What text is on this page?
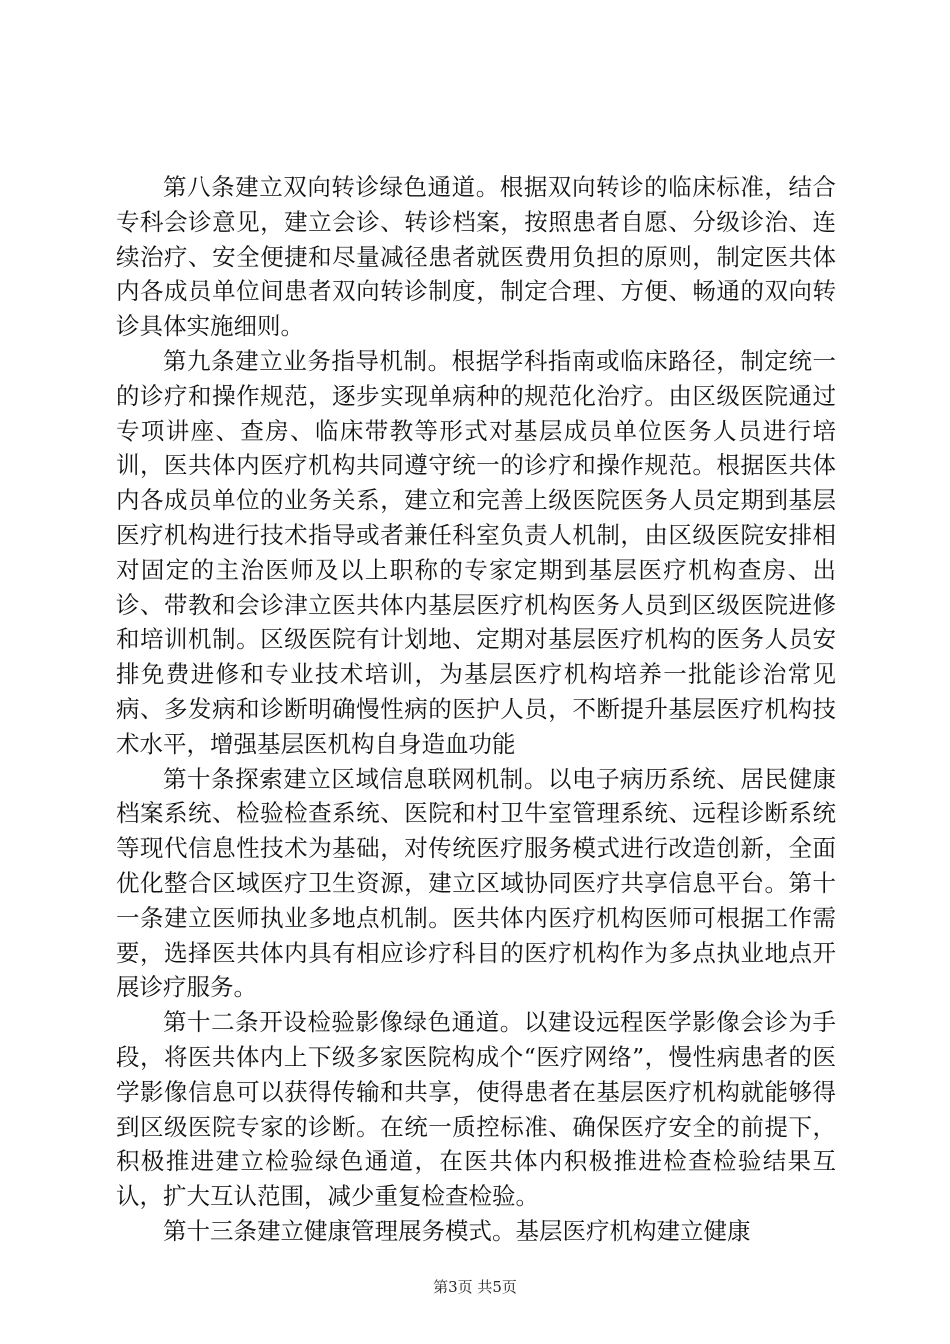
第八条建立双向转诊绿色通道。根据双向转诊的临床标准，结合专科会诊意见，建立会诊、转诊档案，按照患者自愿、分级诊治、连续治疗、安全便捷和尽量减径患者就医费用负担的原则，制定医共体内各成员单位间患者双向转诊制度，制定合理、方便、畅通的双向转诊具体实施细则。

第九条建立业务指导机制。根据学科指南或临床路径，制定统一的诊疗和操作规范，逐步实现单病种的规范化治疗。由区级医院通过专项讲座、查房、临床带教等形式对基层成员单位医务人员进行培训，医共体内医疗机构共同遵守统一的诊疗和操作规范。根据医共体内各成员单位的业务关系，建立和完善上级医院医务人员定期到基层医疗机构进行技术指导或者兼任科室负责人机制，由区级医院安排相对固定的主治医师及以上职称的专家定期到基层医疗机构查房、出诊、带教和会诊津立医共体内基层医疗机构医务人员到区级医院进修和培训机制。区级医院有计划地、定期对基层医疗机构的医务人员安排免费进修和专业技术培训，为基层医疗机构培养一批能诊治常见病、多发病和诊断明确慢性病的医护人员，不断提升基层医疗机构技术水平，增强基层医机构自身造血功能

第十条探索建立区域信息联网机制。以电子病历系统、居民健康档案系统、检验检查系统、医院和村卫牛室管理系统、远程诊断系统等现代信息性技术为基础，对传统医疗服务模式进行改造创新，全面优化整合区域医疗卫生资源，建立区域协同医疗共享信息平台。第十一条建立医师执业多地点机制。医共体内医疗机构医师可根据工作需要，选择医共体内具有相应诊疗科目的医疗机构作为多点执业地点开展诊疗服务。

第十二条开设检验影像绿色通道。以建设远程医学影像会诊为手段，将医共体内上下级多家医院构成个“医疗网络”，慢性病患者的医学影像信息可以获得传输和共享，使得患者在基层医疗机构就能够得到区级医院专家的诊断。在统一质控标准、确保医疗安全的前提下，积极推进建立检验绿色通道，在医共体内积极推进检查检验结果互认，扩大互认范围，减少重复检查检验。

第十三条建立健康管理展务模式。基层医疗机构建立健康

第3页 共5页
